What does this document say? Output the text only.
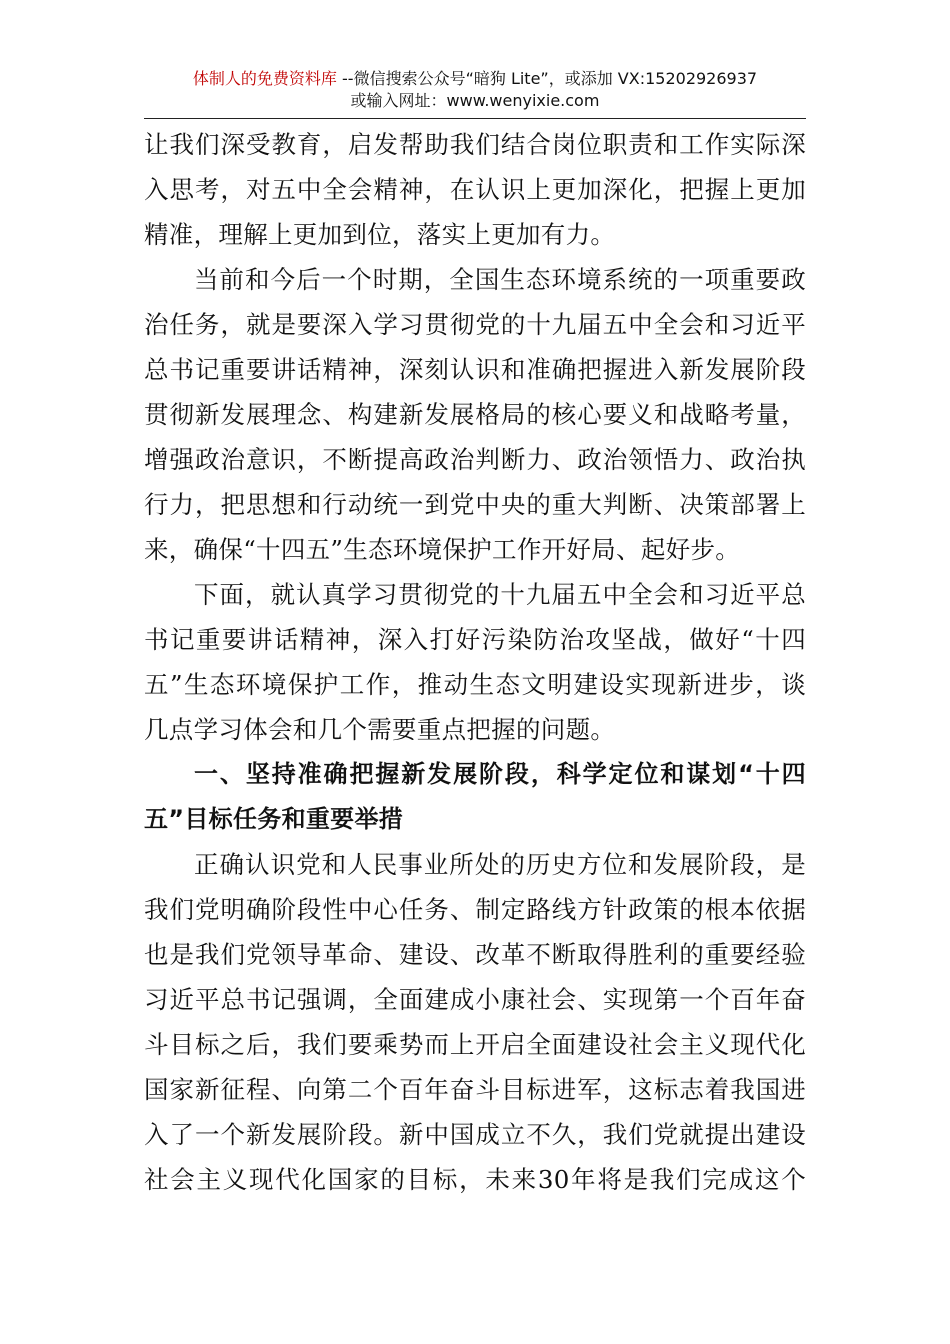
体制人的免费资料库 --微信搜索公众号“暗狗 Lite”，或添加 VX:15202926937
或输入网址：www.wenyixie.com
让我们深受教育，启发帮助我们结合岗位职责和工作实际深
入思考，对五中全会精神，在认识上更加深化，把握上更加
精准，理解上更加到位，落实上更加有力。
当前和今后一个时期，全国生态环境系统的一项重要政
治任务，就是要深入学习贯彻党的十九届五中全会和习近平
总书记重要讲话精神，深刻认识和准确把握进入新发展阶段
贯彻新发展理念、构建新发展格局的核心要义和战略考量，
增强政治意识，不断提高政治判断力、政治领悟力、政治执
行力，把思想和行动统一到党中央的重大判断、决策部署上
来，确保“十四五”生态环境保护工作开好局、起好步。
下面，就认真学习贯彻党的十九届五中全会和习近平总
书记重要讲话精神，深入打好污染防治攻坚战，做好“十四
五”生态环境保护工作，推动生态文明建设实现新进步，谈
几点学习体会和几个需要重点把握的问题。
一、坚持准确把握新发展阶段，科学定位和谋划“十四
五”目标任务和重要举措
正确认识党和人民事业所处的历史方位和发展阶段，是
我们党明确阶段性中心任务、制定路线方针政策的根本依据
也是我们党领导革命、建设、改革不断取得胜利的重要经验
习近平总书记强调，全面建成小康社会、实现第一个百年奋
斗目标之后，我们要乘势而上开启全面建设社会主义现代化
国家新征程、向第二个百年奋斗目标进军，这标志着我国进
入了一个新发展阶段。新中国成立不久，我们党就提出建设
社会主义现代化国家的目标，未来30年将是我们完成这个
